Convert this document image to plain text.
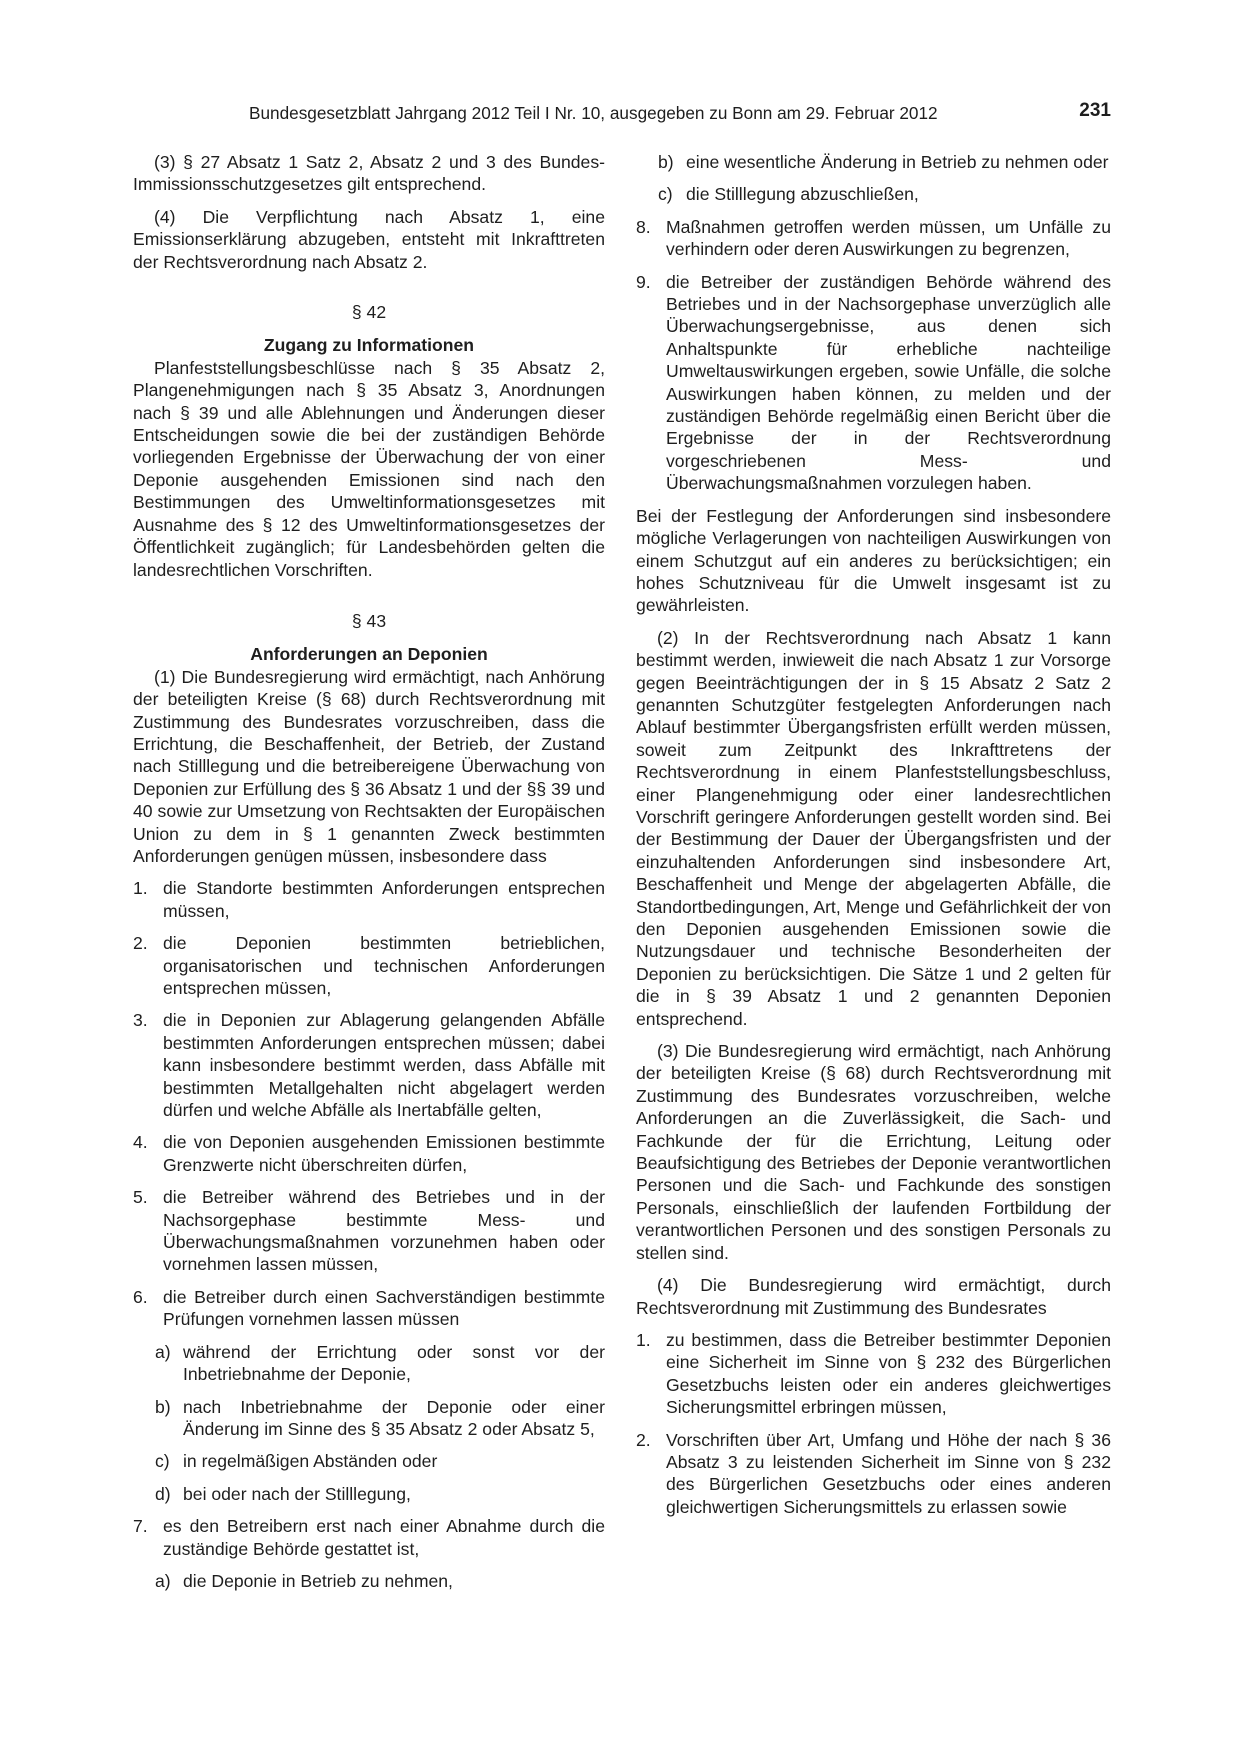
Bundesgesetzblatt Jahrgang 2012 Teil I Nr. 10, ausgegeben zu Bonn am 29. Februar 2012	231

(3) § 27 Absatz 1 Satz 2, Absatz 2 und 3 des Bundes-Immissionsschutzgesetzes gilt entsprechend.

(4) Die Verpflichtung nach Absatz 1, eine Emissionserklärung abzugeben, entsteht mit Inkrafttreten der Rechtsverordnung nach Absatz 2.

§ 42

Zugang zu Informationen

Planfeststellungsbeschlüsse nach § 35 Absatz 2, Plangenehmigungen nach § 35 Absatz 3, Anordnungen nach § 39 und alle Ablehnungen und Änderungen dieser Entscheidungen sowie die bei der zuständigen Behörde vorliegenden Ergebnisse der Überwachung der von einer Deponie ausgehenden Emissionen sind nach den Bestimmungen des Umweltinformationsgesetzes mit Ausnahme des § 12 des Umweltinformationsgesetzes der Öffentlichkeit zugänglich; für Landesbehörden gelten die landesrechtlichen Vorschriften.

§ 43

Anforderungen an Deponien

(1) Die Bundesregierung wird ermächtigt, nach Anhörung der beteiligten Kreise (§ 68) durch Rechtsverordnung mit Zustimmung des Bundesrates vorzuschreiben, dass die Errichtung, die Beschaffenheit, der Betrieb, der Zustand nach Stilllegung und die betreibereigene Überwachung von Deponien zur Erfüllung des § 36 Absatz 1 und der §§ 39 und 40 sowie zur Umsetzung von Rechtsakten der Europäischen Union zu dem in § 1 genannten Zweck bestimmten Anforderungen genügen müssen, insbesondere dass

1. die Standorte bestimmten Anforderungen entsprechen müssen,
2. die Deponien bestimmten betrieblichen, organisatorischen und technischen Anforderungen entsprechen müssen,
3. die in Deponien zur Ablagerung gelangenden Abfälle bestimmten Anforderungen entsprechen müssen; dabei kann insbesondere bestimmt werden, dass Abfälle mit bestimmten Metallgehalten nicht abgelagert werden dürfen und welche Abfälle als Inertabfälle gelten,
4. die von Deponien ausgehenden Emissionen bestimmte Grenzwerte nicht überschreiten dürfen,
5. die Betreiber während des Betriebes und in der Nachsorgephase bestimmte Mess- und Überwachungsmaßnahmen vorzunehmen haben oder vornehmen lassen müssen,
6. die Betreiber durch einen Sachverständigen bestimmte Prüfungen vornehmen lassen müssen
a) während der Errichtung oder sonst vor der Inbetriebnahme der Deponie,
b) nach Inbetriebnahme der Deponie oder einer Änderung im Sinne des § 35 Absatz 2 oder Absatz 5,
c) in regelmäßigen Abständen oder
d) bei oder nach der Stilllegung,
7. es den Betreibern erst nach einer Abnahme durch die zuständige Behörde gestattet ist,
a) die Deponie in Betrieb zu nehmen,
b) eine wesentliche Änderung in Betrieb zu nehmen oder
c) die Stilllegung abzuschließen,
8. Maßnahmen getroffen werden müssen, um Unfälle zu verhindern oder deren Auswirkungen zu begrenzen,
9. die Betreiber der zuständigen Behörde während des Betriebes und in der Nachsorgephase unverzüglich alle Überwachungsergebnisse, aus denen sich Anhaltspunkte für erhebliche nachteilige Umweltauswirkungen ergeben, sowie Unfälle, die solche Auswirkungen haben können, zu melden und der zuständigen Behörde regelmäßig einen Bericht über die Ergebnisse der in der Rechtsverordnung vorgeschriebenen Mess- und Überwachungsmaßnahmen vorzulegen haben.

Bei der Festlegung der Anforderungen sind insbesondere mögliche Verlagerungen von nachteiligen Auswirkungen von einem Schutzgut auf ein anderes zu berücksichtigen; ein hohes Schutzniveau für die Umwelt insgesamt ist zu gewährleisten.

(2) In der Rechtsverordnung nach Absatz 1 kann bestimmt werden, inwieweit die nach Absatz 1 zur Vorsorge gegen Beeinträchtigungen der in § 15 Absatz 2 Satz 2 genannten Schutzgüter festgelegten Anforderungen nach Ablauf bestimmter Übergangsfristen erfüllt werden müssen, soweit zum Zeitpunkt des Inkrafttretens der Rechtsverordnung in einem Planfeststellungsbeschluss, einer Plangenehmigung oder einer landesrechtlichen Vorschrift geringere Anforderungen gestellt worden sind. Bei der Bestimmung der Dauer der Übergangsfristen und der einzuhaltenden Anforderungen sind insbesondere Art, Beschaffenheit und Menge der abgelagerten Abfälle, die Standortbedingungen, Art, Menge und Gefährlichkeit der von den Deponien ausgehenden Emissionen sowie die Nutzungsdauer und technische Besonderheiten der Deponien zu berücksichtigen. Die Sätze 1 und 2 gelten für die in § 39 Absatz 1 und 2 genannten Deponien entsprechend.

(3) Die Bundesregierung wird ermächtigt, nach Anhörung der beteiligten Kreise (§ 68) durch Rechtsverordnung mit Zustimmung des Bundesrates vorzuschreiben, welche Anforderungen an die Zuverlässigkeit, die Sach- und Fachkunde der für die Errichtung, Leitung oder Beaufsichtigung des Betriebes der Deponie verantwortlichen Personen und die Sach- und Fachkunde des sonstigen Personals, einschließlich der laufenden Fortbildung der verantwortlichen Personen und des sonstigen Personals zu stellen sind.

(4) Die Bundesregierung wird ermächtigt, durch Rechtsverordnung mit Zustimmung des Bundesrates

1. zu bestimmen, dass die Betreiber bestimmter Deponien eine Sicherheit im Sinne von § 232 des Bürgerlichen Gesetzbuchs leisten oder ein anderes gleichwertiges Sicherungsmittel erbringen müssen,
2. Vorschriften über Art, Umfang und Höhe der nach § 36 Absatz 3 zu leistenden Sicherheit im Sinne von § 232 des Bürgerlichen Gesetzbuchs oder eines anderen gleichwertigen Sicherungsmittels zu erlassen sowie
